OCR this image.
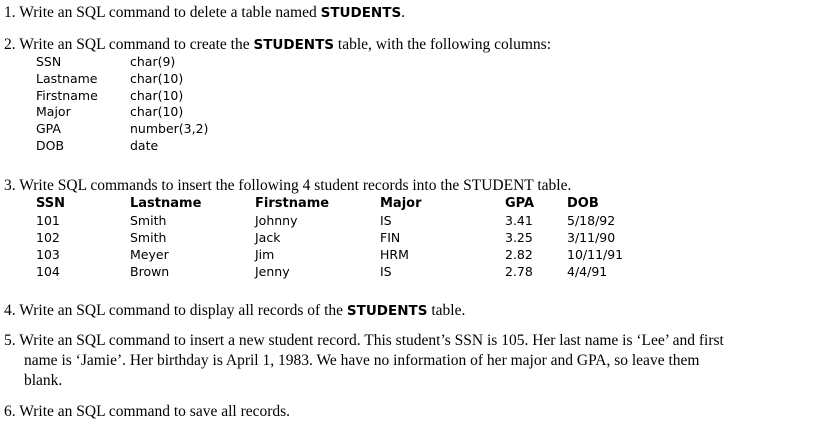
1. Write an SQL command to delete a table named STUDENTS.
2. Write an SQL command to create the STUDENTS table, with the following columns:
SSN	char(9)
Lastname	char(10)
Firstname	char(10)
Major	char(10)
GPA	number(3,2)
DOB	date
3. Write SQL commands to insert the following 4 student records into the STUDENT table.
SSN	Lastname	Firstname	Major	GPA	DOB
101	Smith	Johnny	IS	3.41	5/18/92
102	Smith	Jack	FIN	3.25	3/11/90
103	Meyer	Jim	HRM	2.82	10/11/91
104	Brown	Jenny	IS	2.78	4/4/91
4. Write an SQL command to display all records of the STUDENTS table.
5. Write an SQL command to insert a new student record. This student’s SSN is 105. Her last name is ‘Lee’ and first
name is ‘Jamie’. Her birthday is April 1, 1983. We have no information of her major and GPA, so leave them
blank.
6. Write an SQL command to save all records.
